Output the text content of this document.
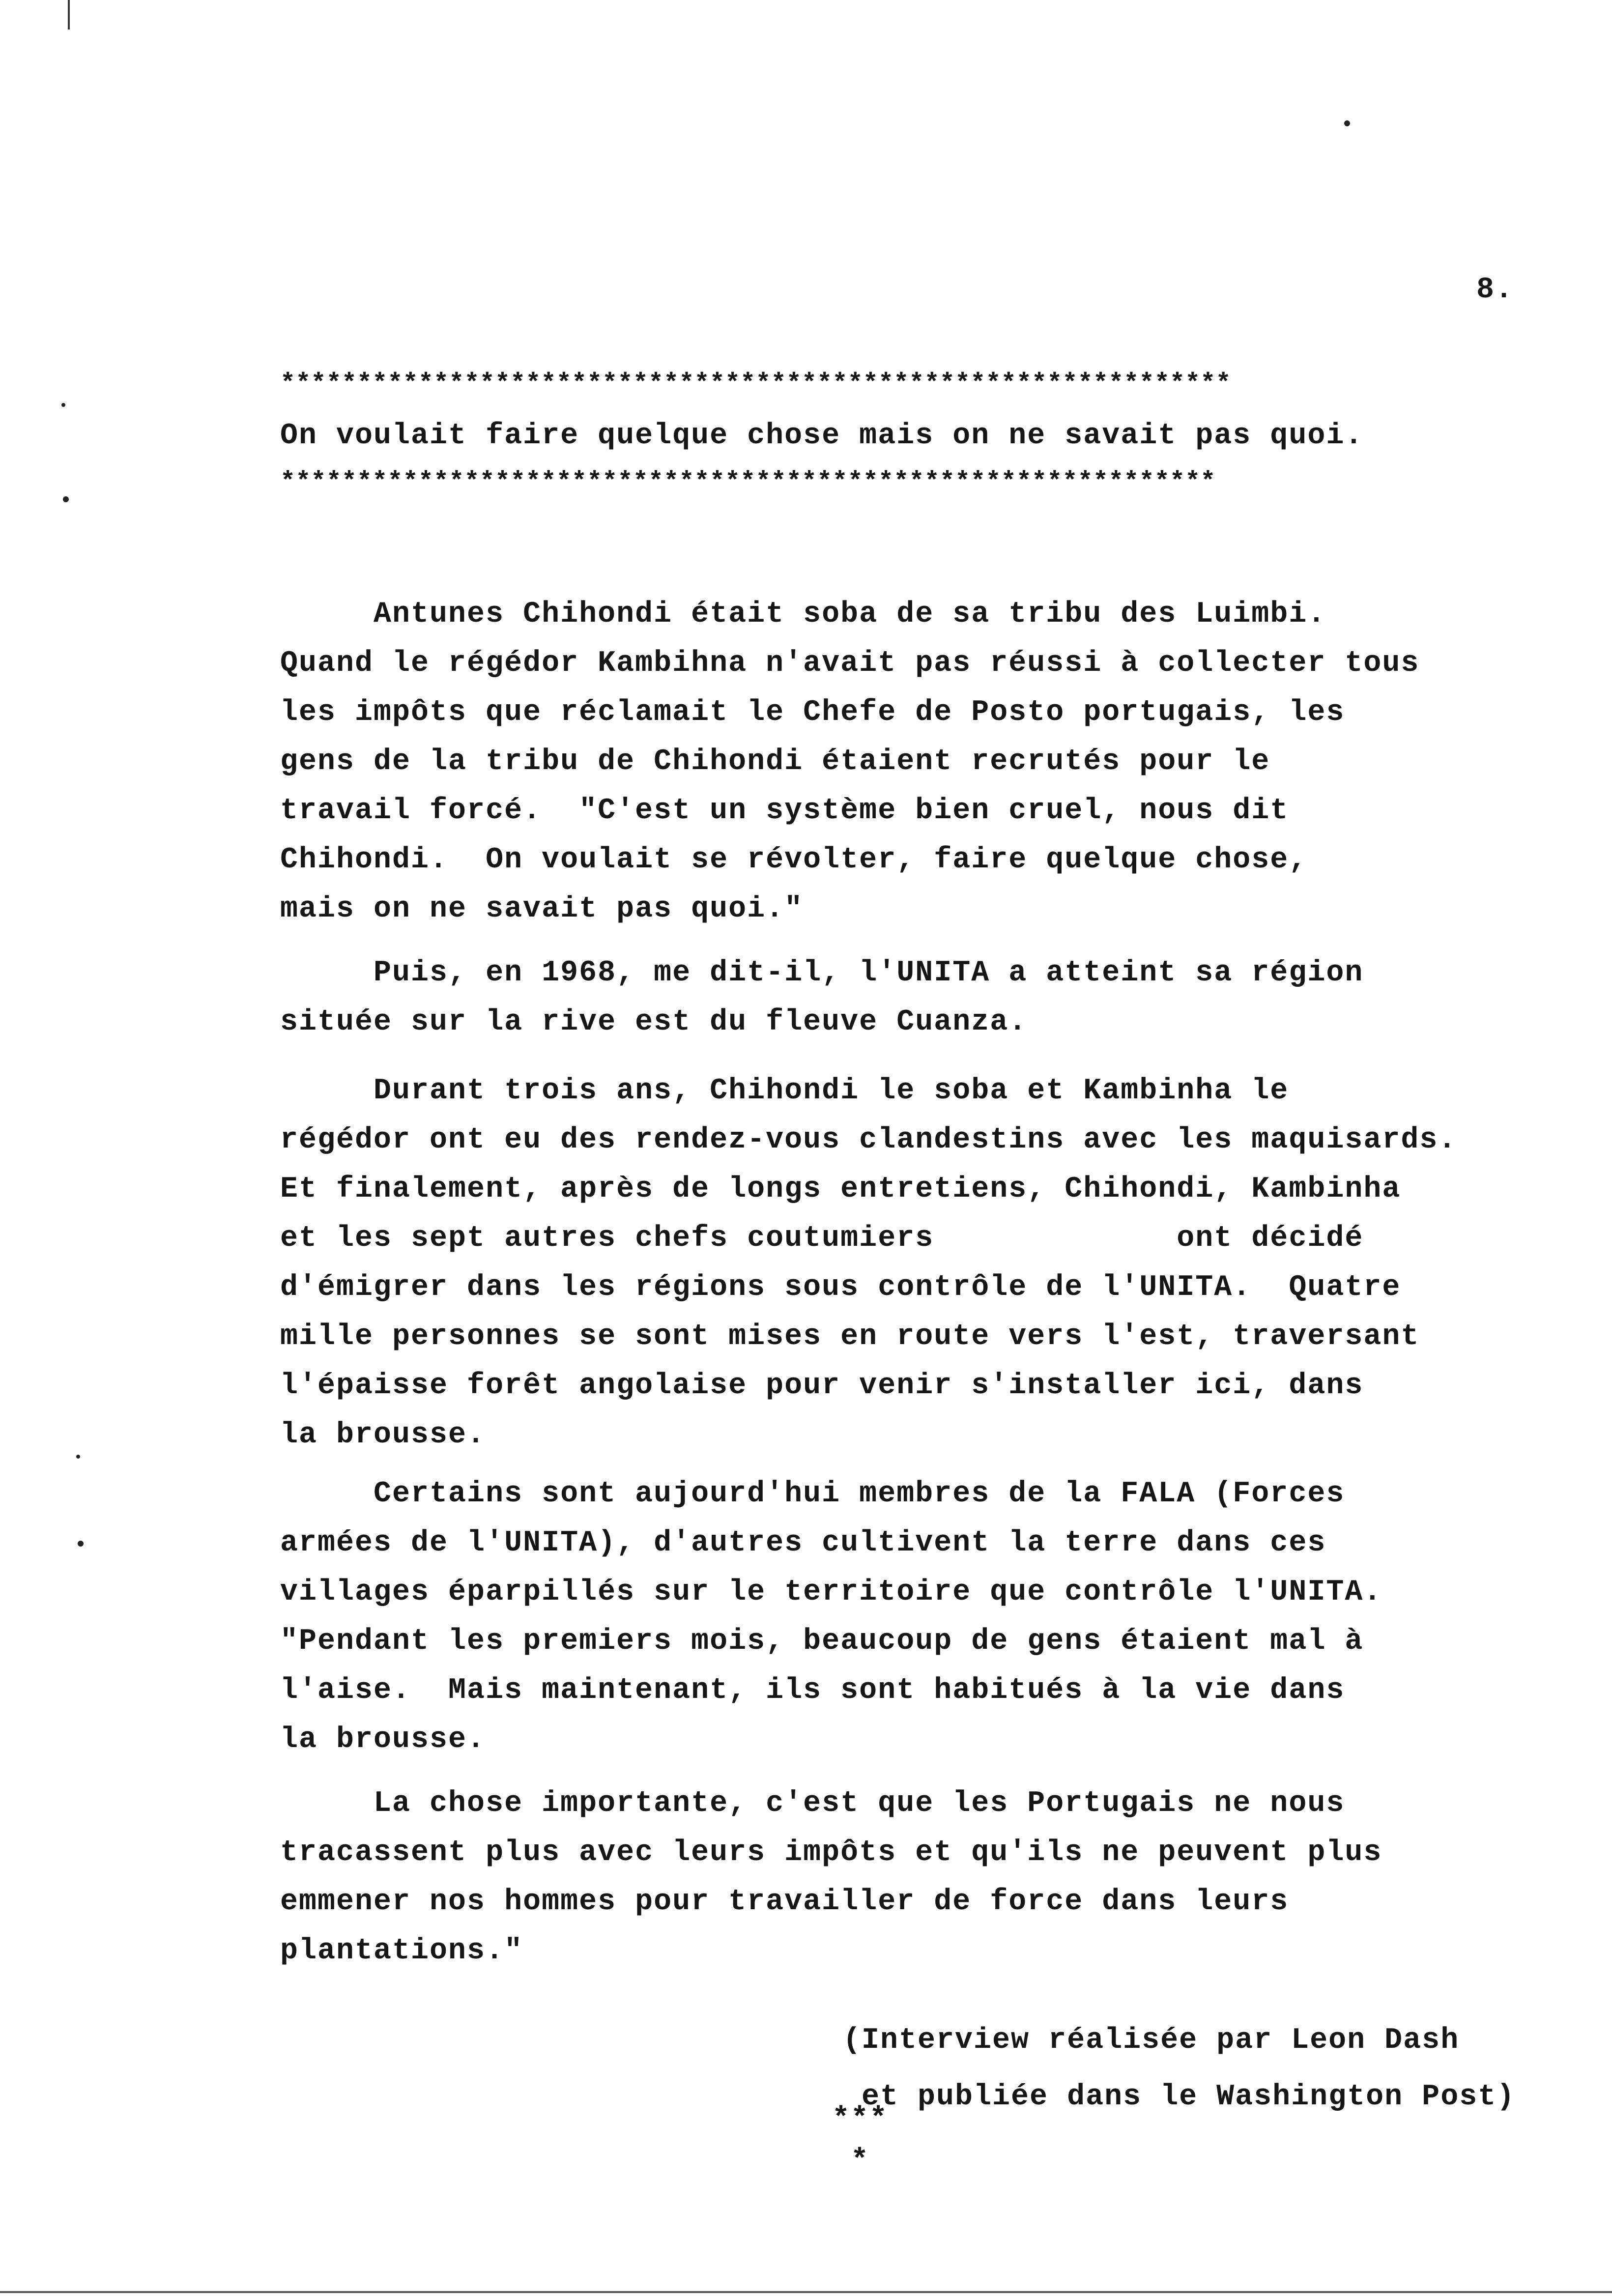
8.
**************************************************************
On voulait faire quelque chose mais on ne savait pas quoi.
*************************************************************
Antunes Chihondi était soba de sa tribu des Luimbi.
Quand le régédor Kambihna n'avait pas réussi à collecter tous
les impôts que réclamait le Chefe de Posto portugais, les
gens de la tribu de Chihondi étaient recrutés pour le
travail forcé.  "C'est un système bien cruel, nous dit
Chihondi.  On voulait se révolter, faire quelque chose,
mais on ne savait pas quoi."
Puis, en 1968, me dit-il, l'UNITA a atteint sa région
située sur la rive est du fleuve Cuanza.
Durant trois ans, Chihondi le soba et Kambinha le
régédor ont eu des rendez-vous clandestins avec les maquisards.
Et finalement, après de longs entretiens, Chihondi, Kambinha
et les sept autres chefs coutumiers             ont décidé
d'émigrer dans les régions sous contrôle de l'UNITA.  Quatre
mille personnes se sont mises en route vers l'est, traversant
l'épaisse forêt angolaise pour venir s'installer ici, dans
la brousse.
Certains sont aujourd'hui membres de la FALA (Forces
armées de l'UNITA), d'autres cultivent la terre dans ces
villages éparpillés sur le territoire que contrôle l'UNITA.
"Pendant les premiers mois, beaucoup de gens étaient mal à
l'aise.  Mais maintenant, ils sont habitués à la vie dans
la brousse.
La chose importante, c'est que les Portugais ne nous
tracassent plus avec leurs impôts et qu'ils ne peuvent plus
emmener nos hommes pour travailler de force dans leurs
plantations."
(Interview réalisée par Leon Dash
et publiée dans le Washington Post)
***
*
